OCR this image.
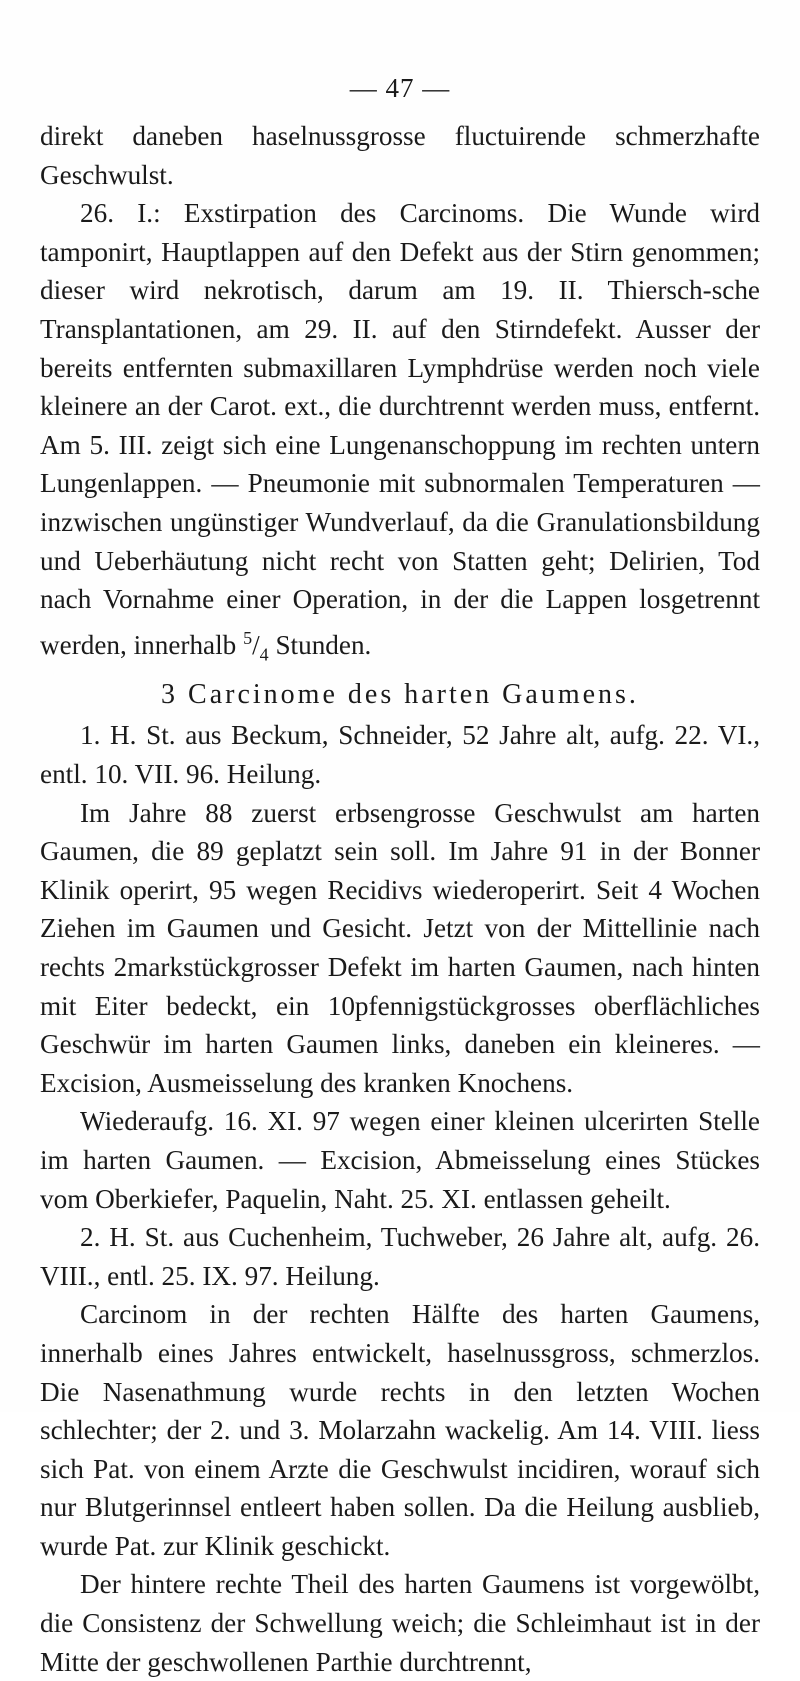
— 47 —

direkt daneben haselnussgrosse fluctuirende schmerzhafte Geschwulst.

26. I.: Exstirpation des Carcinoms. Die Wunde wird tamponirt, Hauptlappen auf den Defekt aus der Stirn genommen; dieser wird nekrotisch, darum am 19. II. Thiersch-sche Transplantationen, am 29. II. auf den Stirndefekt. Ausser der bereits entfernten submaxillaren Lymphdrüse werden noch viele kleinere an der Carot. ext., die durchtrennt werden muss, entfernt. Am 5. III. zeigt sich eine Lungenanschoppung im rechten untern Lungenlappen. — Pneumonie mit subnormalen Temperaturen — inzwischen ungünstiger Wundverlauf, da die Granulationsbildung und Ueberhäutung nicht recht von Statten geht; Delirien, Tod nach Vornahme einer Operation, in der die Lappen losgetrennt werden, innerhalb $^5/_4$ Stunden.

3 Carcinome des harten Gaumens.

1. H. St. aus Beckum, Schneider, 52 Jahre alt, aufg. 22. VI., entl. 10. VII. 96. Heilung.

Im Jahre 88 zuerst erbsengrosse Geschwulst am harten Gaumen, die 89 geplatzt sein soll. Im Jahre 91 in der Bonner Klinik operirt, 95 wegen Recidivs wiederoperirt. Seit 4 Wochen Ziehen im Gaumen und Gesicht. Jetzt von der Mittellinie nach rechts 2markstückgrosser Defekt im harten Gaumen, nach hinten mit Eiter bedeckt, ein 10pfennigstückgrosses oberflächliches Geschwür im harten Gaumen links, daneben ein kleineres. — Excision, Ausmeisselung des kranken Knochens.

Wiederaufg. 16. XI. 97 wegen einer kleinen ulcerirten Stelle im harten Gaumen. — Excision, Abmeisselung eines Stückes vom Oberkiefer, Paquelin, Naht. 25. XI. entlassen geheilt.

2. H. St. aus Cuchenheim, Tuchweber, 26 Jahre alt, aufg. 26. VIII., entl. 25. IX. 97. Heilung.

Carcinom in der rechten Hälfte des harten Gaumens, innerhalb eines Jahres entwickelt, haselnussgross, schmerzlos. Die Nasenathmung wurde rechts in den letzten Wochen schlechter; der 2. und 3. Molarzahn wackelig. Am 14. VIII. liess sich Pat. von einem Arzte die Geschwulst incidiren, worauf sich nur Blutgerinnsel entleert haben sollen. Da die Heilung ausblieb, wurde Pat. zur Klinik geschickt.

Der hintere rechte Theil des harten Gaumens ist vorgewölbt, die Consistenz der Schwellung weich; die Schleimhaut ist in der Mitte der geschwollenen Parthie durchtrennt,
